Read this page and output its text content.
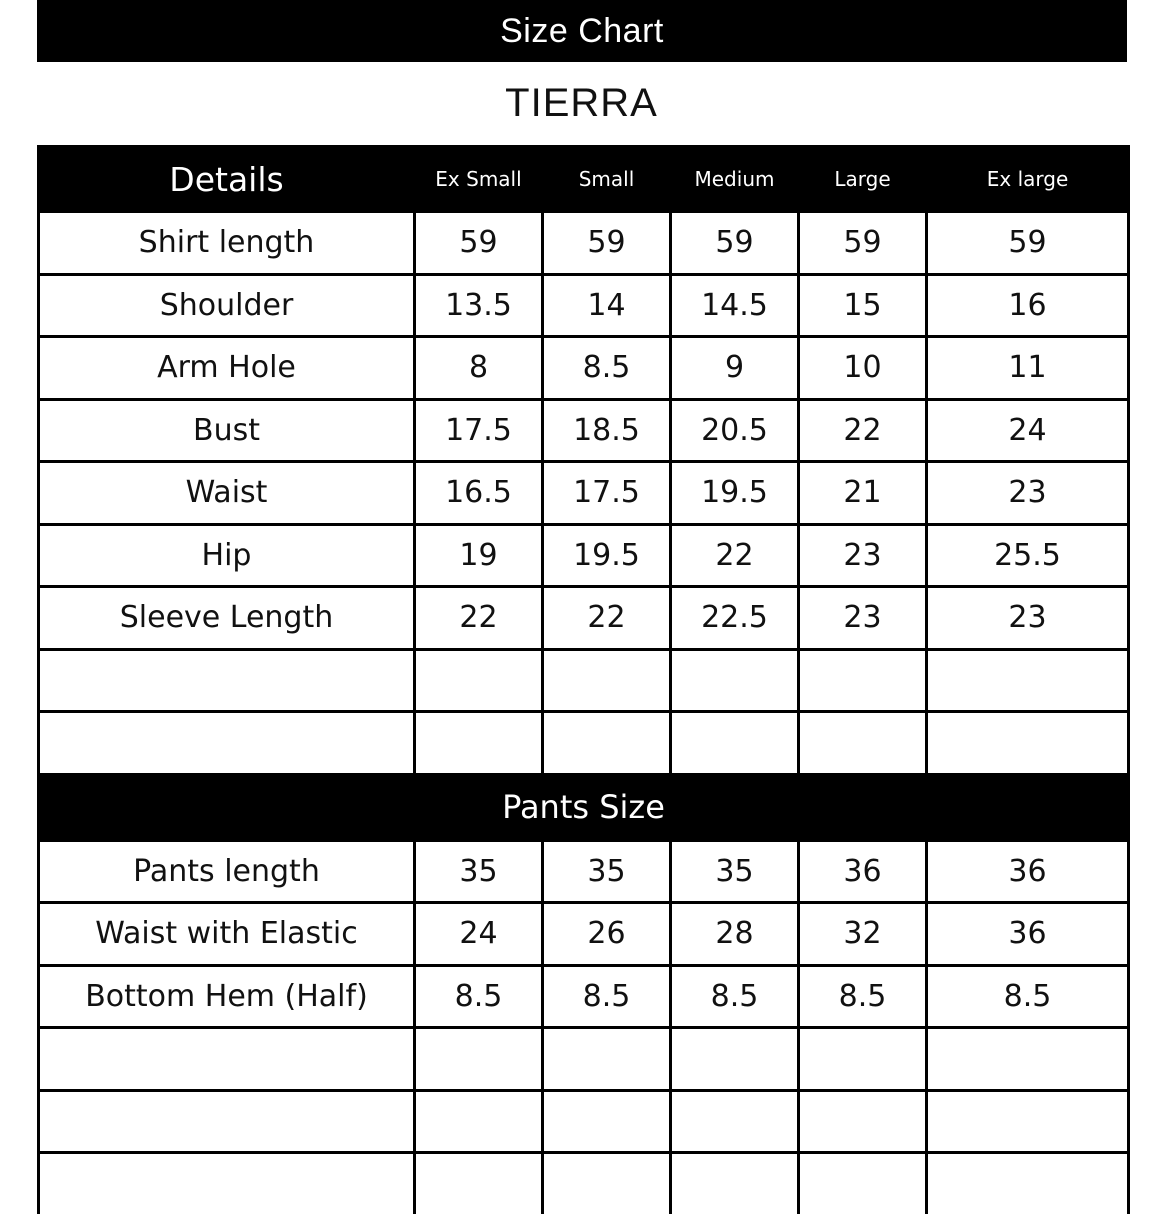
Size Chart
TIERRA
Details	Ex Small	Small	Medium	Large	Ex large
Shirt length	59	59	59	59	59
Shoulder	13.5	14	14.5	15	16
Arm Hole	8	8.5	9	10	11
Bust	17.5	18.5	20.5	22	24
Waist	16.5	17.5	19.5	21	23
Hip	19	19.5	22	23	25.5
Sleeve Length	22	22	22.5	23	23

Pants Size					
Pants length	35	35	35	36	36
Waist with Elastic	24	26	28	32	36
Bottom Hem (Half)	8.5	8.5	8.5	8.5	8.5
